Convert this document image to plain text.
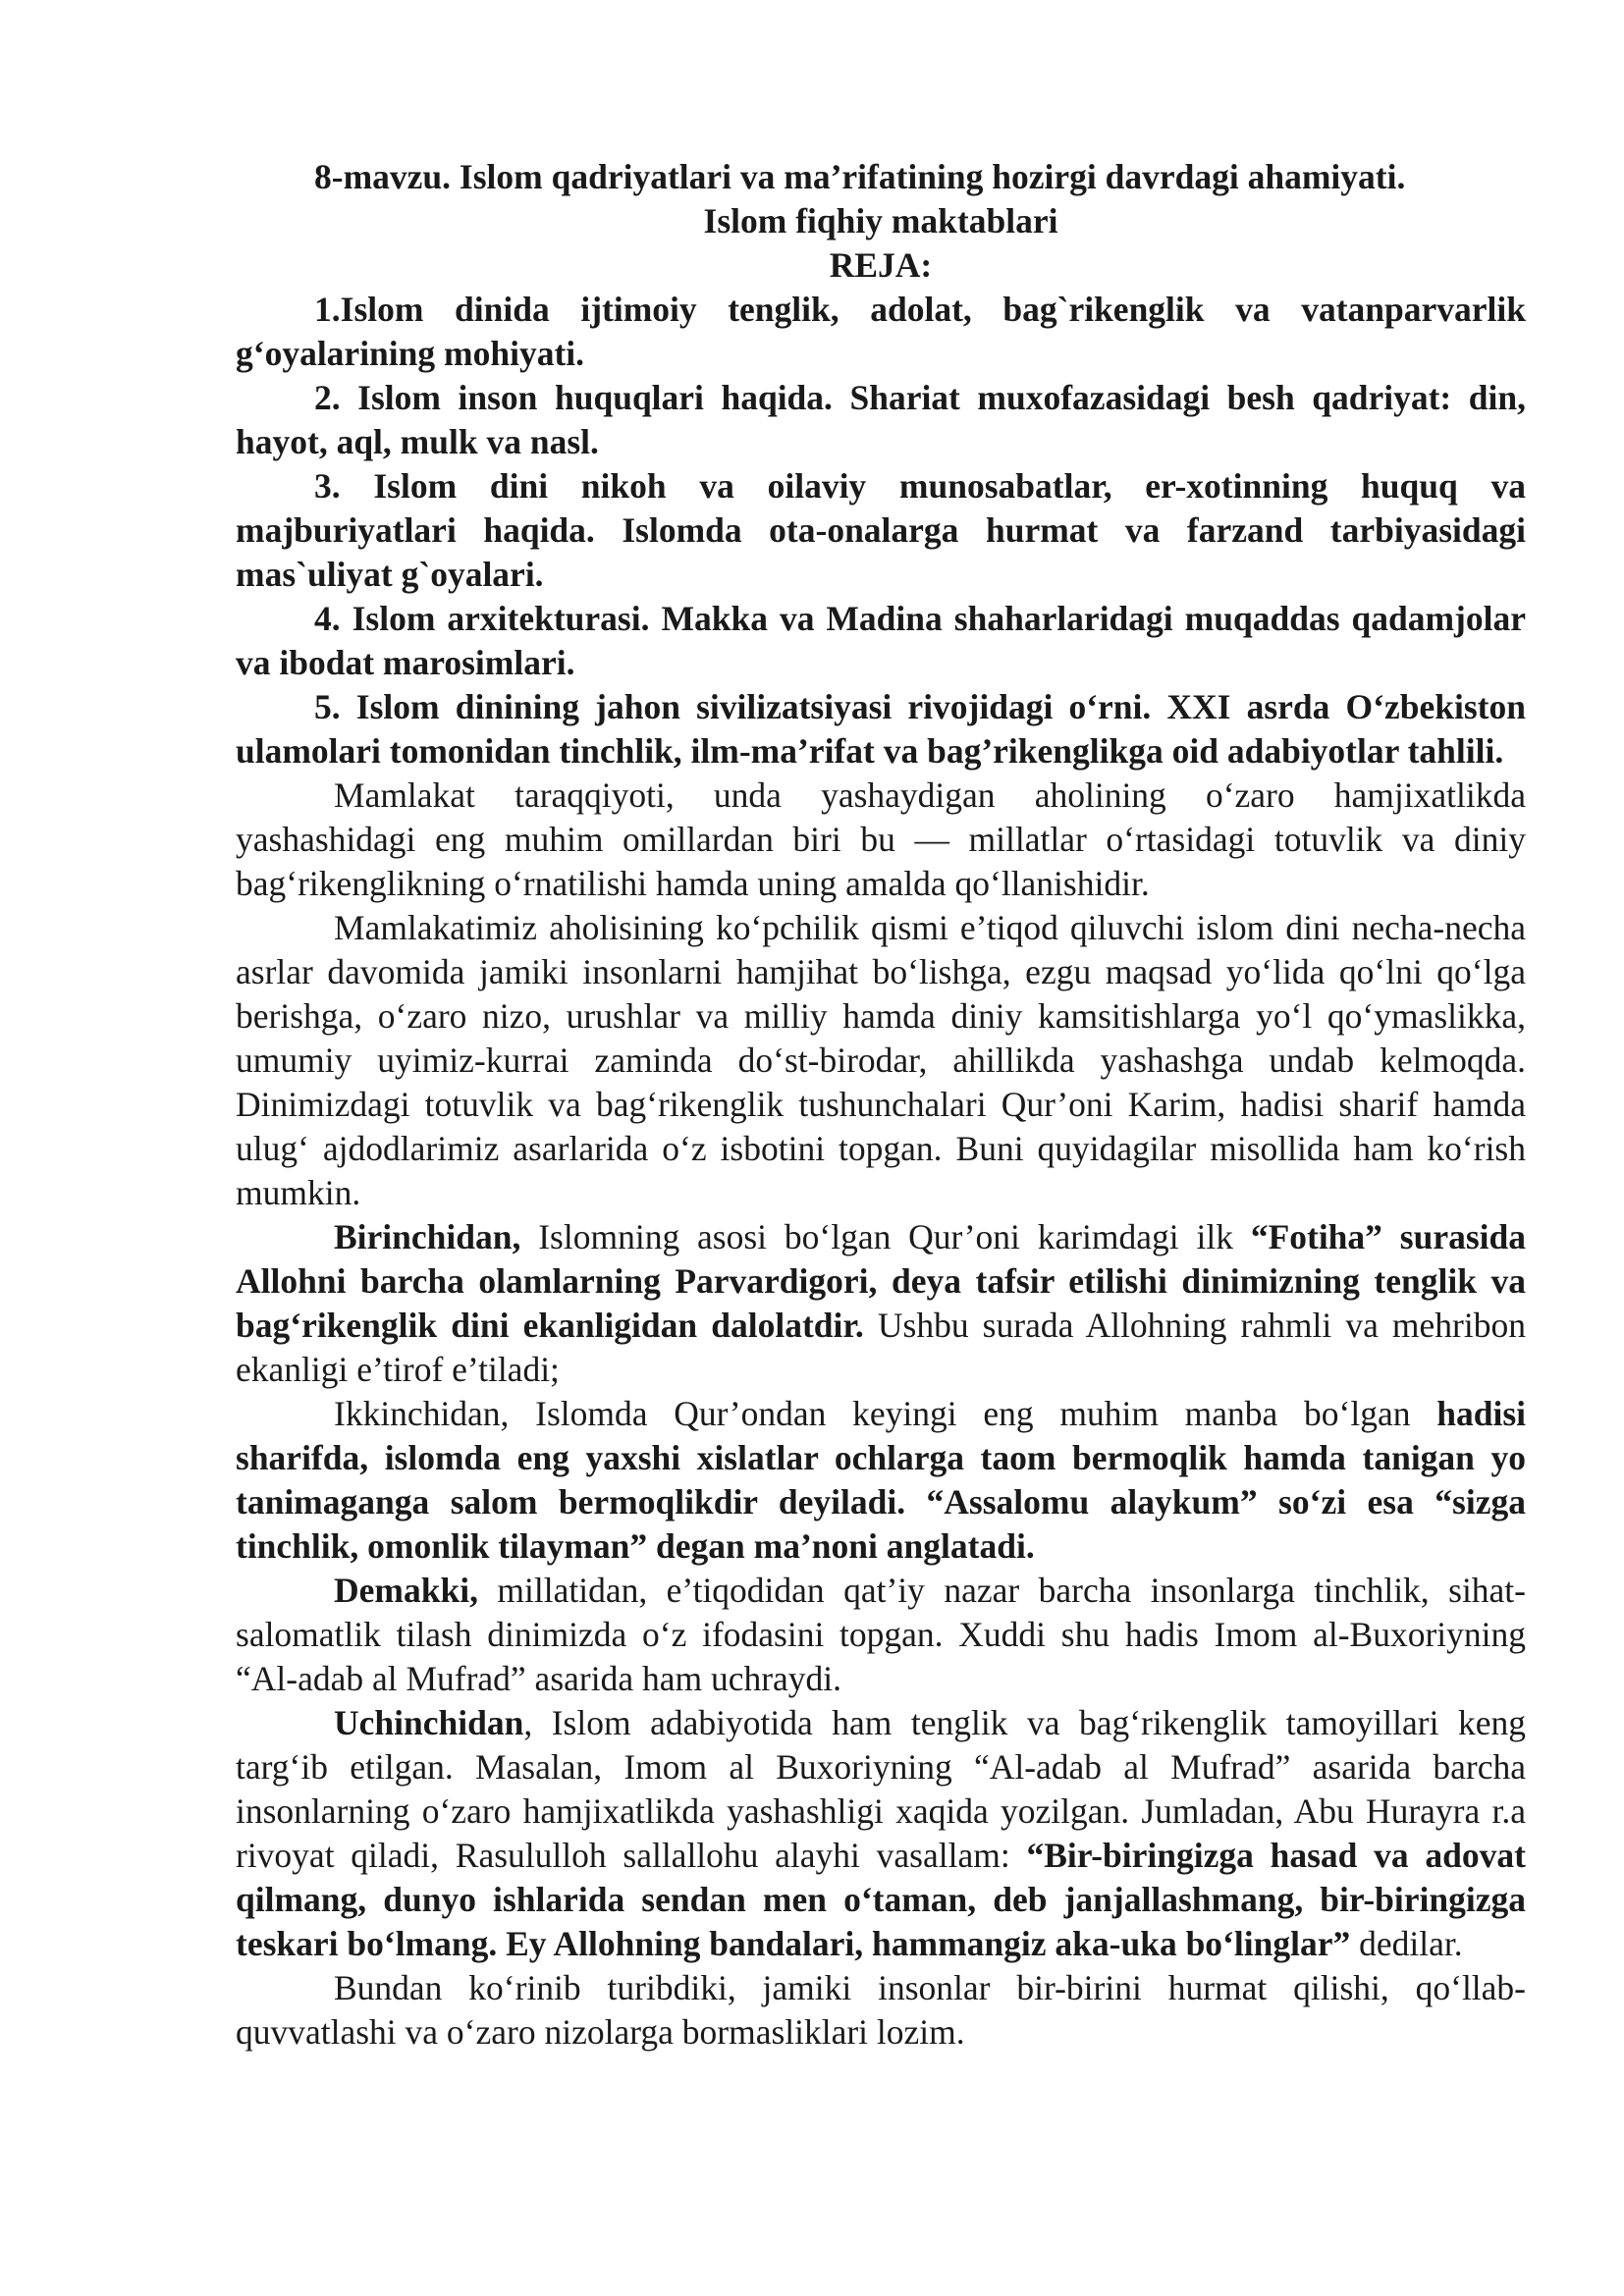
8-mavzu. Islom qadriyatlari va ma’rifatining hozirgi davrdagi ahamiyati.

Islom fiqhiy maktablari

REJA:

1.Islom dinida ijtimoiy tenglik, adolat, bag`rikenglik va vatanparvarlik g‘oyalarining mohiyati.

2. Islom inson huquqlari haqida. Shariat muxofazasidagi besh qadriyat: din, hayot, aql, mulk va nasl.

3. Islom dini nikoh va oilaviy munosabatlar, er-xotinning huquq va majburiyatlari haqida. Islomda ota-onalarga hurmat va farzand tarbiyasidagi mas`uliyat g`oyalari.

4. Islom arxitekturasi. Makka va Madina shaharlaridagi muqaddas qadamjolar va ibodat marosimlari.

5. Islom dinining jahon sivilizatsiyasi rivojidagi o‘rni. XXI asrda O‘zbekiston ulamolari tomonidan tinchlik, ilm-ma’rifat va bag’rikenglikga oid adabiyotlar tahlili.

Mamlakat taraqqiyoti, unda yashaydigan aholining o‘zaro hamjixatlikda yashashidagi eng muhim omillardan biri bu — millatlar o‘rtasidagi totuvlik va diniy bag‘rikenglikning o‘rnatilishi hamda uning amalda qo‘llanishidir.

Mamlakatimiz aholisining ko‘pchilik qismi e’tiqod qiluvchi islom dini necha-necha asrlar davomida jamiki insonlarni hamjihat bo‘lishga, ezgu maqsad yo‘lida qo‘lni qo‘lga berishga, o‘zaro nizo, urushlar va milliy hamda diniy kamsitishlarga yo‘l qo‘ymaslikka, umumiy uyimiz-kurrai zaminda do‘st-birodar, ahillikda yashashga undab kelmoqda. Dinimizdagi totuvlik va bag‘rikenglik tushunchalari Qur’oni Karim, hadisi sharif hamda ulug‘ ajdodlarimiz asarlarida o‘z isbotini topgan. Buni quyidagilar misollida ham ko‘rish mumkin.

Birinchidan, Islomning asosi bo‘lgan Qur’oni karimdagi ilk “Fotiha” surasida Allohni barcha olamlarning Parvardigori, deya tafsir etilishi dinimizning tenglik va bag‘rikenglik dini ekanligidan dalolatdir. Ushbu surada Allohning rahmli va mehribon ekanligi e’tirof e’tiladi;

Ikkinchidan, Islomda Qur’ondan keyingi eng muhim manba bo‘lgan hadisi sharifda, islomda eng yaxshi xislatlar ochlarga taom bermoqlik hamda tanigan yo tanimaganga salom bermoqlikdir deyiladi. “Assalomu alaykum” so‘zi esa “sizga tinchlik, omonlik tilayman” degan ma’noni anglatadi.

Demakki, millatidan, e’tiqodidan qat’iy nazar barcha insonlarga tinchlik, sihat-salomatlik tilash dinimizda o‘z ifodasini topgan. Xuddi shu hadis Imom al-Buxoriyning “Al-adab al Mufrad” asarida ham uchraydi.

Uchinchidan, Islom adabiyotida ham tenglik va bag‘rikenglik tamoyillari keng targ‘ib etilgan. Masalan, Imom al Buxoriyning “Al-adab al Mufrad” asarida barcha insonlarning o‘zaro hamjixatlikda yashashligi xaqida yozilgan. Jumladan, Abu Hurayra r.a rivoyat qiladi, Rasululloh sallallohu alayhi vasallam: “Bir-biringizga hasad va adovat qilmang, dunyo ishlarida sendan men o‘taman, deb janjallashmang, bir-biringizga teskari bo‘lmang. Ey Allohning bandalari, hammangiz aka-uka bo‘linglar” dedilar.

Bundan ko‘rinib turibdiki, jamiki insonlar bir-birini hurmat qilishi, qo‘llab-quvvatlashi va o‘zaro nizolarga bormasliklari lozim.
